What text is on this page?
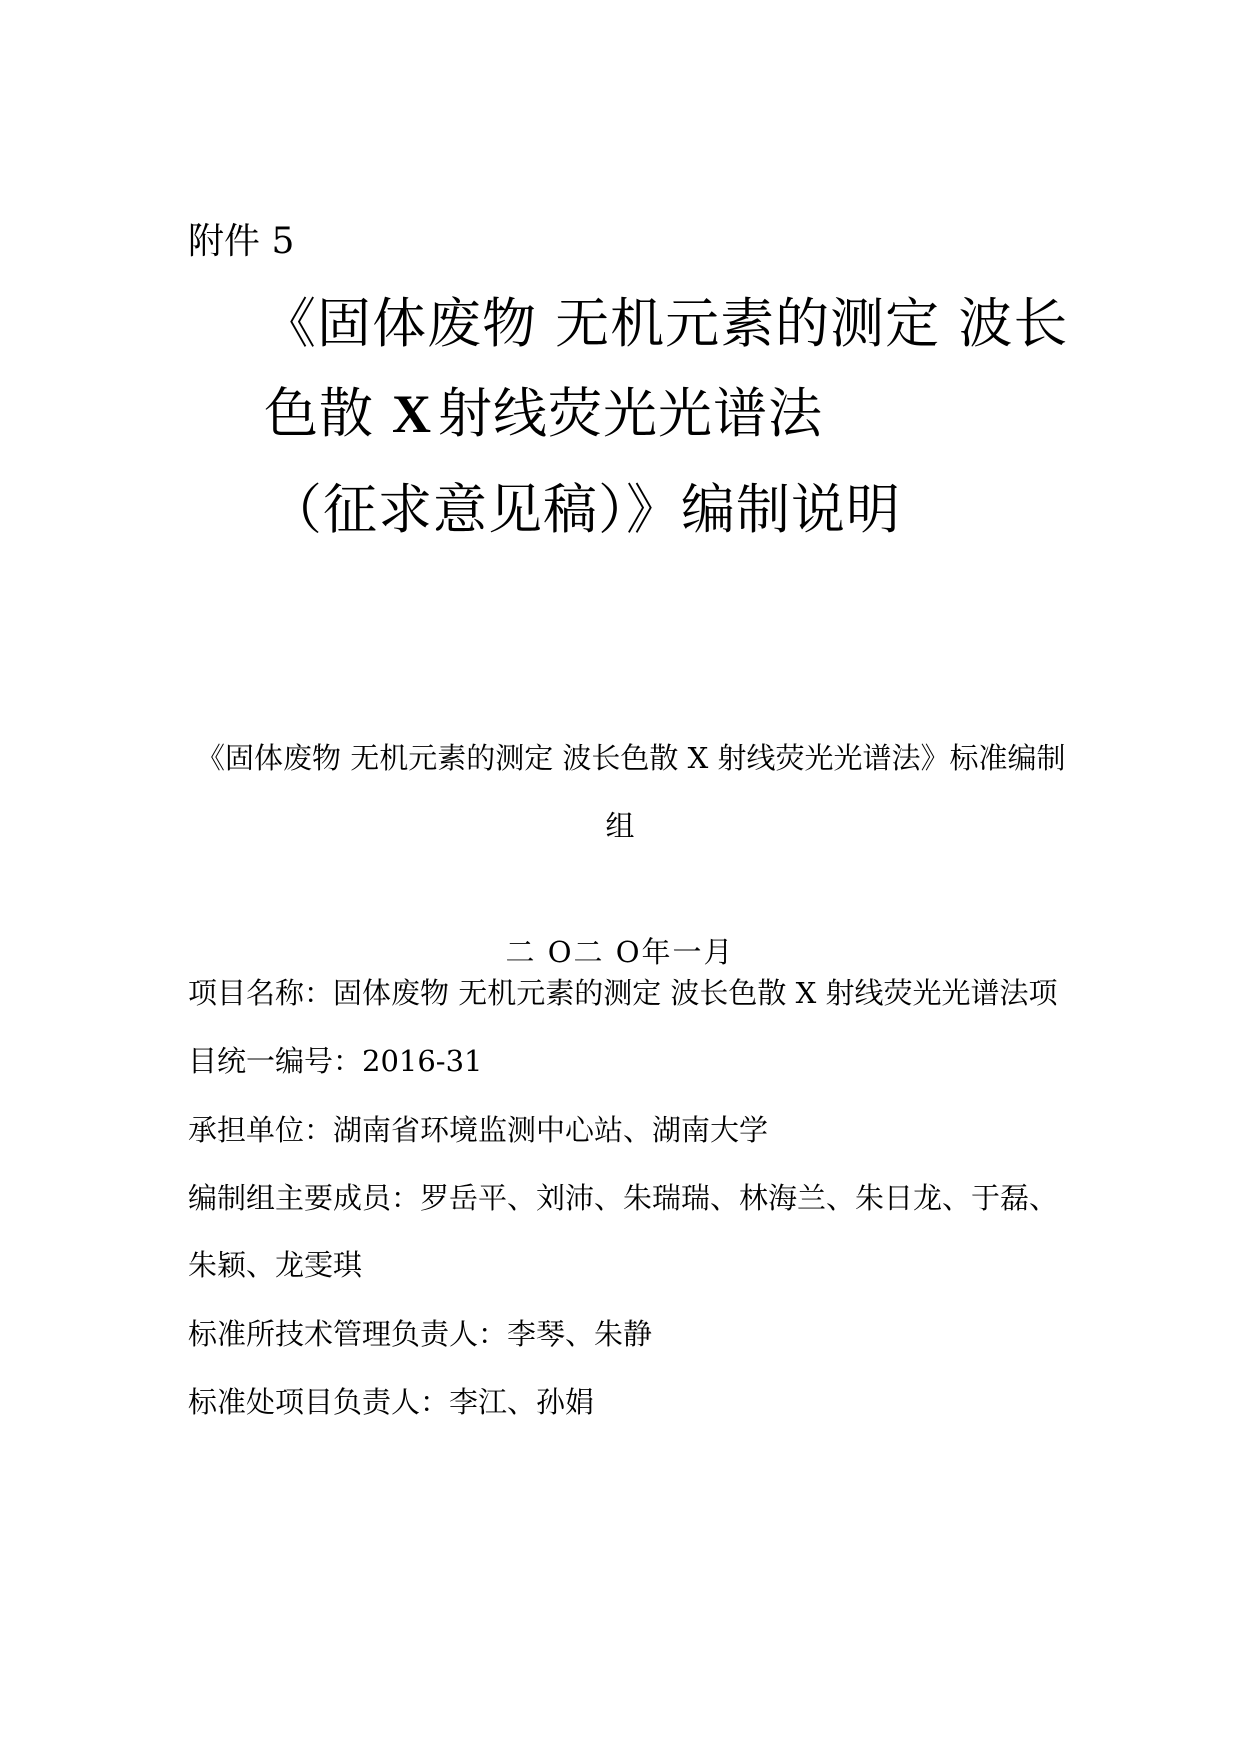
附件 5
《固体废物 无机元素的测定 波长
色散 X 射线荧光光谱法
（征求意见稿）》编制说明
《固体废物 无机元素的测定 波长色散 X 射线荧光光谱法》标准编制
组
二 O二 O年一月
项目名称：固体废物 无机元素的测定 波长色散 X 射线荧光光谱法项
目统一编号：2016-31
承担单位：湖南省环境监测中心站、湖南大学
编制组主要成员：罗岳平、刘沛、朱瑞瑞、林海兰、朱日龙、于磊、
朱颖、龙雯琪
标准所技术管理负责人：李琴、朱静
标准处项目负责人：李江、孙娟
